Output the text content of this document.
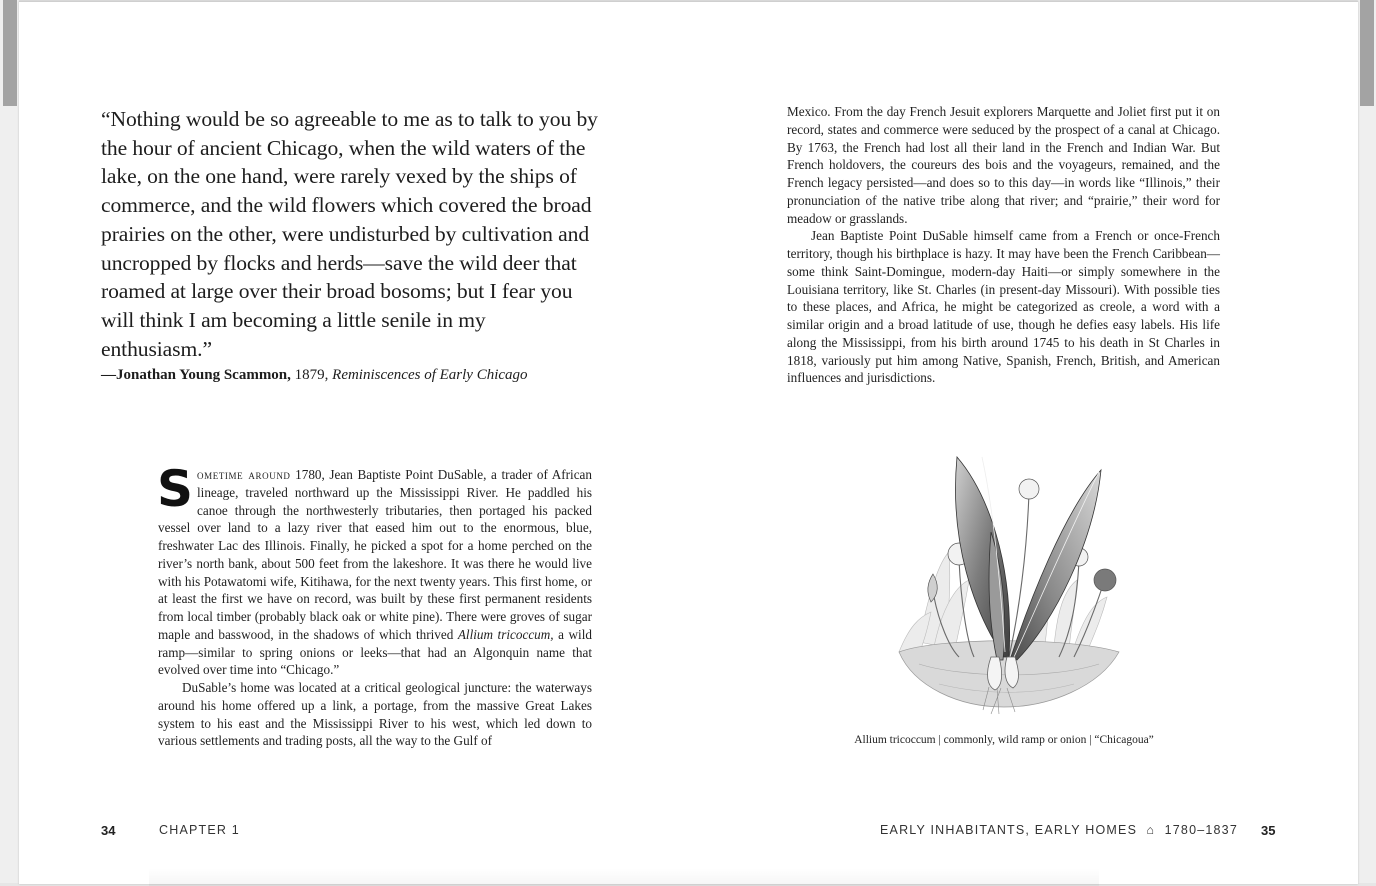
“Nothing would be so agreeable to me as to talk to you by the hour of ancient Chicago, when the wild waters of the lake, on the one hand, were rarely vexed by the ships of commerce, and the wild flowers which covered the broad prairies on the other, were undisturbed by cultivation and uncropped by flocks and herds—save the wild deer that roamed at large over their broad bosoms; but I fear you will think I am becoming a little senile in my enthusiasm.”

—Jonathan Young Scammon, 1879, Reminiscences of Early Chicago

Sometime around 1780, Jean Baptiste Point DuSable, a trader of African lineage, traveled northward up the Mississippi River. He paddled his canoe through the northwesterly tributaries, then portaged his packed vessel over land to a lazy river that eased him out to the enormous, blue, freshwater Lac des Illinois. Finally, he picked a spot for a home perched on the river’s north bank, about 500 feet from the lakeshore. It was there he would live with his Potawatomi wife, Kitihawa, for the next twenty years. This first home, or at least the first we have on record, was built by these first permanent residents from local timber (probably black oak or white pine). There were groves of sugar maple and basswood, in the shadows of which thrived Allium tricoccum, a wild ramp—similar to spring onions or leeks—that had an Algonquin name that evolved over time into “Chicago.”

DuSable’s home was located at a critical geological juncture: the waterways around his home offered up a link, a portage, from the massive Great Lakes system to his east and the Mississippi River to his west, which led down to various settlements and trading posts, all the way to the Gulf of

Mexico. From the day French Jesuit explorers Marquette and Joliet first put it on record, states and commerce were seduced by the prospect of a canal at Chicago. By 1763, the French had lost all their land in the French and Indian War. But French holdovers, the coureurs des bois and the voyageurs, remained, and the French legacy persisted—and does so to this day—in words like “Illinois,” their pronunciation of the native tribe along that river; and “prairie,” their word for meadow or grasslands.

Jean Baptiste Point DuSable himself came from a French or once-French territory, though his birthplace is hazy. It may have been the French Caribbean—some think Saint-Domingue, modern-day Haiti—or simply somewhere in the Louisiana territory, like St. Charles (in present-day Missouri). With possible ties to these places, and Africa, he might be categorized as creole, a word with a similar origin and a broad latitude of use, though he defies easy labels. His life along the Mississippi, from his birth around 1745 to his death in St Charles in 1818, variously put him among Native, Spanish, French, British, and American influences and jurisdictions.

Allium tricoccum | commonly, wild ramp or onion | “Chicagoua”

34	CHAPTER 1	EARLY INHABITANTS, EARLY HOMES ⌂ 1780–1837 35
